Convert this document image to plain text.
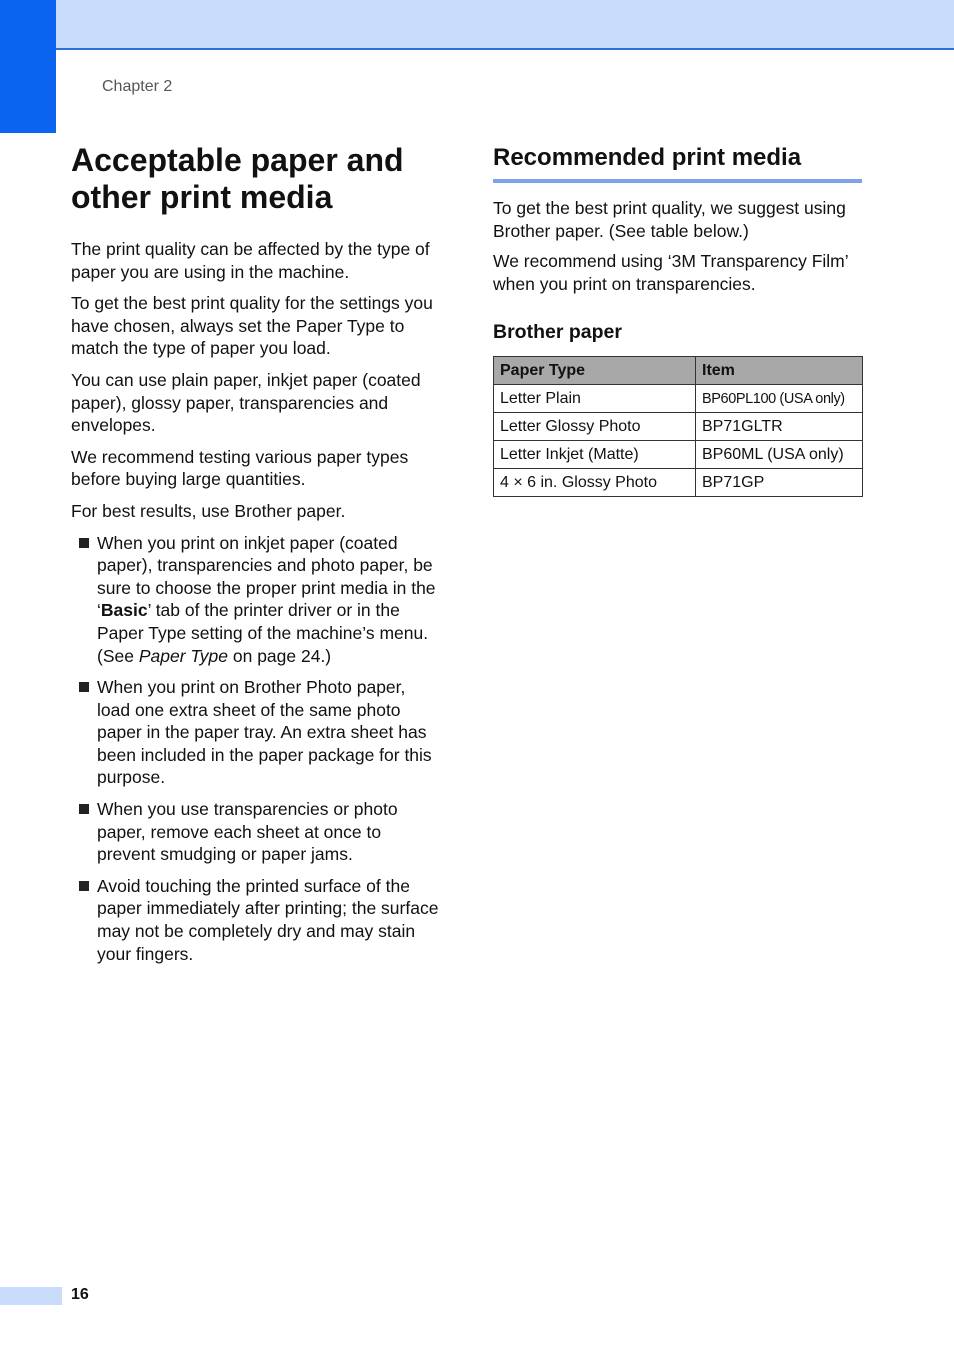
Chapter 2
Acceptable paper and other print media

The print quality can be affected by the type of paper you are using in the machine.

To get the best print quality for the settings you have chosen, always set the Paper Type to match the type of paper you load.

You can use plain paper, inkjet paper (coated paper), glossy paper, transparencies and envelopes.

We recommend testing various paper types before buying large quantities.

For best results, use Brother paper.

When you print on inkjet paper (coated paper), transparencies and photo paper, be sure to choose the proper print media in the ‘Basic’ tab of the printer driver or in the Paper Type setting of the machine’s menu. (See Paper Type on page 24.)
When you print on Brother Photo paper, load one extra sheet of the same photo paper in the paper tray. An extra sheet has been included in the paper package for this purpose.
When you use transparencies or photo paper, remove each sheet at once to prevent smudging or paper jams.
Avoid touching the printed surface of the paper immediately after printing; the surface may not be completely dry and may stain your fingers.
Recommended print media

To get the best print quality, we suggest using Brother paper. (See table below.)

We recommend using ‘3M Transparency Film’ when you print on transparencies.

Brother paper
Paper Type	Item
Letter Plain	BP60PL100 (USA only)
Letter Glossy Photo	BP71GLTR
Letter Inkjet (Matte)	BP60ML (USA only)
4 × 6 in. Glossy Photo	BP71GP
16
